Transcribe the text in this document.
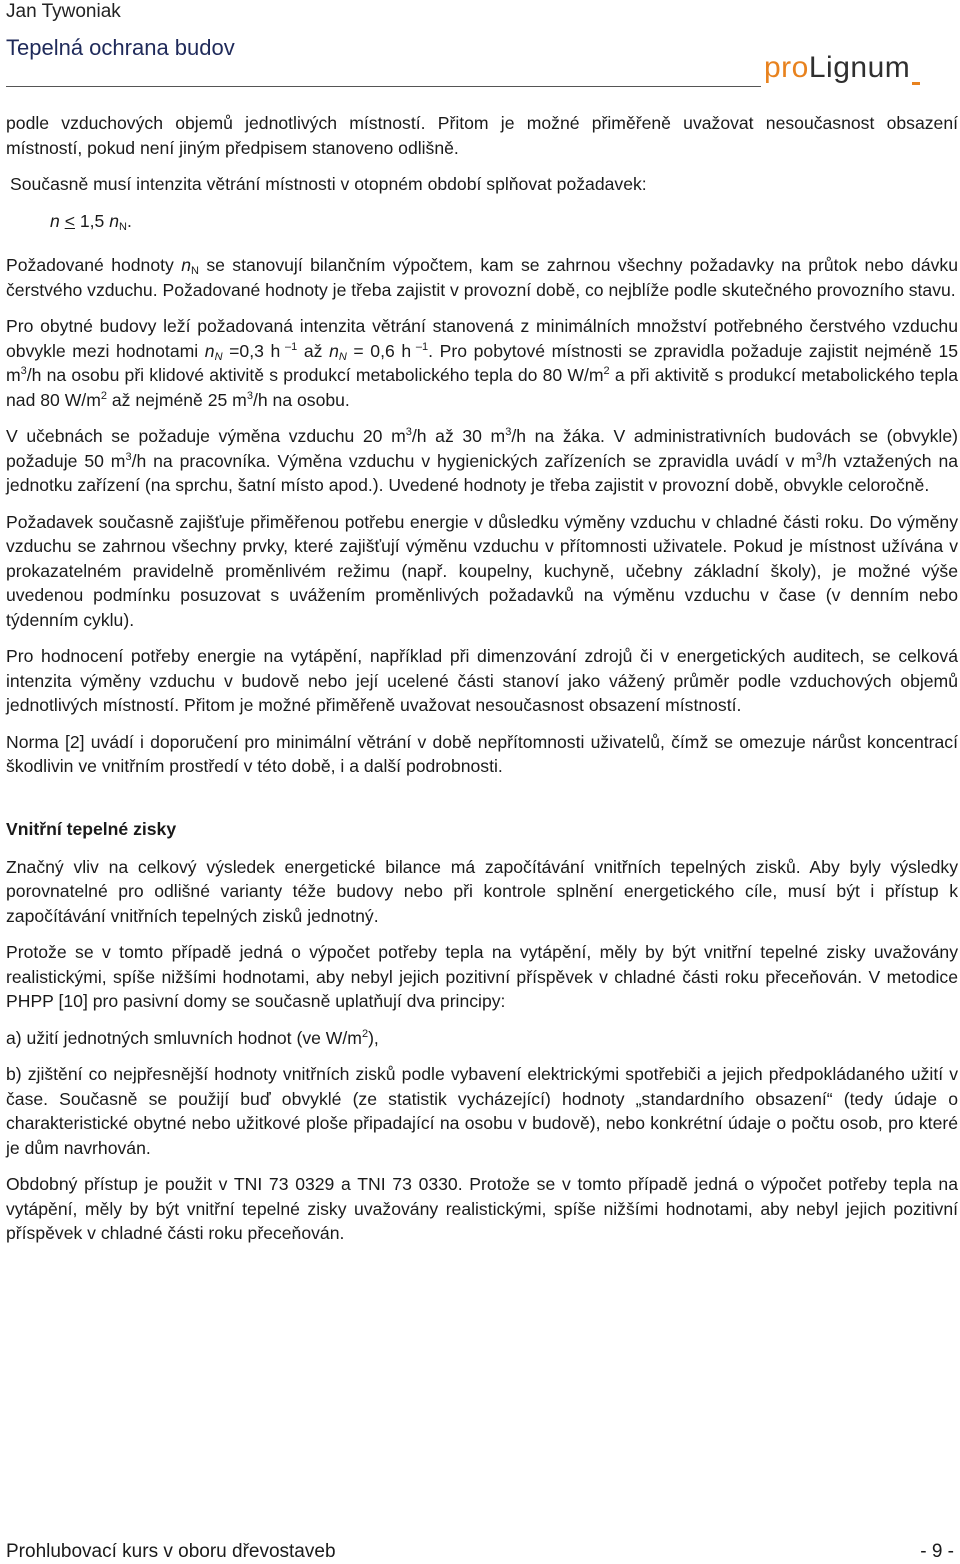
Jan Tywoniak
Tepelná ochrana budov
proLignum

podle vzduchových objemů jednotlivých místností. Přitom je možné přiměřeně uvažovat nesoučasnost obsazení místností, pokud není jiným předpisem stanoveno odlišně.

Současně musí intenzita větrání místnosti v otopném období splňovat požadavek:

n < 1,5 $n_N$.

Požadované hodnoty $n_N$ se stanovují bilančním výpočtem, kam se zahrnou všechny požadavky na průtok nebo dávku čerstvého vzduchu. Požadované hodnoty je třeba zajistit v provozní době, co nejblíže podle skutečného provozního stavu.

Pro obytné budovy leží požadovaná intenzita větrání stanovená z minimálních množství potřebného čerstvého vzduchu obvykle mezi hodnotami $n_N =0,3$ h $^{-1}$ až $n_N = 0,6$ h $^{-1}$. Pro pobytové místnosti se zpravidla požaduje zajistit nejméně 15 $m^3/h$ na osobu při klidové aktivitě s produkcí metabolického tepla do 80 $W/m^2$ a při aktivitě s produkcí metabolického tepla nad 80 $W/m^2$ až nejméně 25 $m^3/h$ na osobu.

V učebnách se požaduje výměna vzduchu 20 $m^3/h$ až 30 $m^3/h$ na žáka. V administrativních budovách se (obvykle) požaduje 50 $m^3/h$ na pracovníka. Výměna vzduchu v hygienických zařízeních se zpravidla uvádí v $m^3/h$ vztažených na jednotku zařízení (na sprchu, šatní místo apod.). Uvedené hodnoty je třeba zajistit v provozní době, obvykle celoročně.

Požadavek současně zajišťuje přiměřenou potřebu energie v důsledku výměny vzduchu v chladné části roku. Do výměny vzduchu se zahrnou všechny prvky, které zajišťují výměnu vzduchu v přítomnosti uživatele. Pokud je místnost užívána v prokazatelném pravidelně proměnlivém režimu (např. koupelny, kuchyně, učebny základní školy), je možné výše uvedenou podmínku posuzovat s uvážením proměnlivých požadavků na výměnu vzduchu v čase (v denním nebo týdenním cyklu).

Pro hodnocení potřeby energie na vytápění, například při dimenzování zdrojů či v energetických auditech, se celková intenzita výměny vzduchu v budově nebo její ucelené části stanoví jako vážený průměr podle vzduchových objemů jednotlivých místností. Přitom je možné přiměřeně uvažovat nesoučasnost obsazení místností.

Norma [2] uvádí i doporučení pro minimální větrání v době nepřítomnosti uživatelů, čímž se omezuje nárůst koncentrací škodlivin ve vnitřním prostředí v této době, i a další podrobnosti.

Vnitřní tepelné zisky

Značný vliv na celkový výsledek energetické bilance má započítávání vnitřních tepelných zisků. Aby byly výsledky porovnatelné pro odlišné varianty téže budovy nebo při kontrole splnění energetického cíle, musí být i přístup k započítávání vnitřních tepelných zisků jednotný.

Protože se v tomto případě jedná o výpočet potřeby tepla na vytápění, měly by být vnitřní tepelné zisky uvažovány realistickými, spíše nižšími hodnotami, aby nebyl jejich pozitivní příspěvek v chladné části roku přeceňován. V metodice PHPP [10] pro pasivní domy se současně uplatňují dva principy:

a) užití jednotných smluvních hodnot (ve $W/m^2$),

b) zjištění co nejpřesnější hodnoty vnitřních zisků podle vybavení elektrickými spotřebiči a jejich předpokládaného užití v čase. Současně se použijí buď obvyklé (ze statistik vycházející) hodnoty „standardního obsazení“ (tedy údaje o charakteristické obytné nebo užitkové ploše připadající na osobu v budově), nebo konkrétní údaje o počtu osob, pro které je dům navrhován.

Obdobný přístup je použit v TNI 73 0329 a TNI 73 0330. Protože se v tomto případě jedná o výpočet potřeby tepla na vytápění, měly by být vnitřní tepelné zisky uvažovány realistickými, spíše nižšími hodnotami, aby nebyl jejich pozitivní příspěvek v chladné části roku přeceňován.

Prohlubovací kurs v oboru dřevostaveb	- 9 -
